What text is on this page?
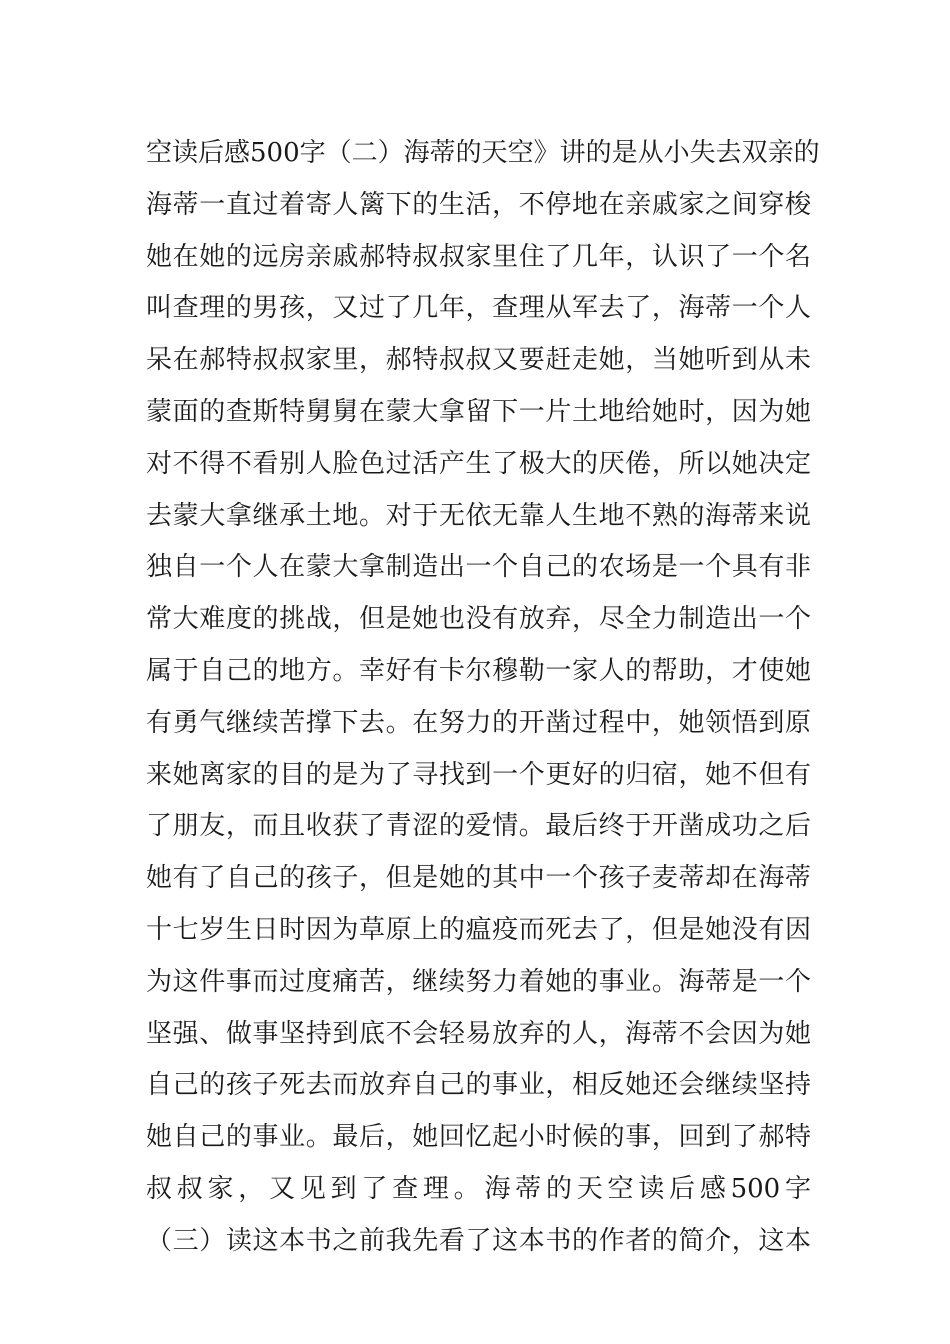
空读后感500字（二）海蒂的天空》讲的是从小失去双亲的
海蒂一直过着寄人篱下的生活，不停地在亲戚家之间穿梭
她在她的远房亲戚郝特叔叔家里住了几年，认识了一个名
叫查理的男孩，又过了几年，查理从军去了，海蒂一个人
呆在郝特叔叔家里，郝特叔叔又要赶走她，当她听到从未
蒙面的查斯特舅舅在蒙大拿留下一片土地给她时，因为她
对不得不看别人脸色过活产生了极大的厌倦，所以她决定
去蒙大拿继承土地。对于无依无靠人生地不熟的海蒂来说
独自一个人在蒙大拿制造出一个自己的农场是一个具有非
常大难度的挑战，但是她也没有放弃，尽全力制造出一个
属于自己的地方。幸好有卡尔穆勒一家人的帮助，才使她
有勇气继续苦撑下去。在努力的开凿过程中，她领悟到原
来她离家的目的是为了寻找到一个更好的归宿，她不但有
了朋友，而且收获了青涩的爱情。最后终于开凿成功之后
她有了自己的孩子，但是她的其中一个孩子麦蒂却在海蒂
十七岁生日时因为草原上的瘟疫而死去了，但是她没有因
为这件事而过度痛苦，继续努力着她的事业。海蒂是一个
坚强、做事坚持到底不会轻易放弃的人，海蒂不会因为她
自己的孩子死去而放弃自己的事业，相反她还会继续坚持
她自己的事业。最后，她回忆起小时候的事，回到了郝特
叔叔家，又见到了查理。海蒂的天空读后感500字
（三）读这本书之前我先看了这本书的作者的简介，这本
